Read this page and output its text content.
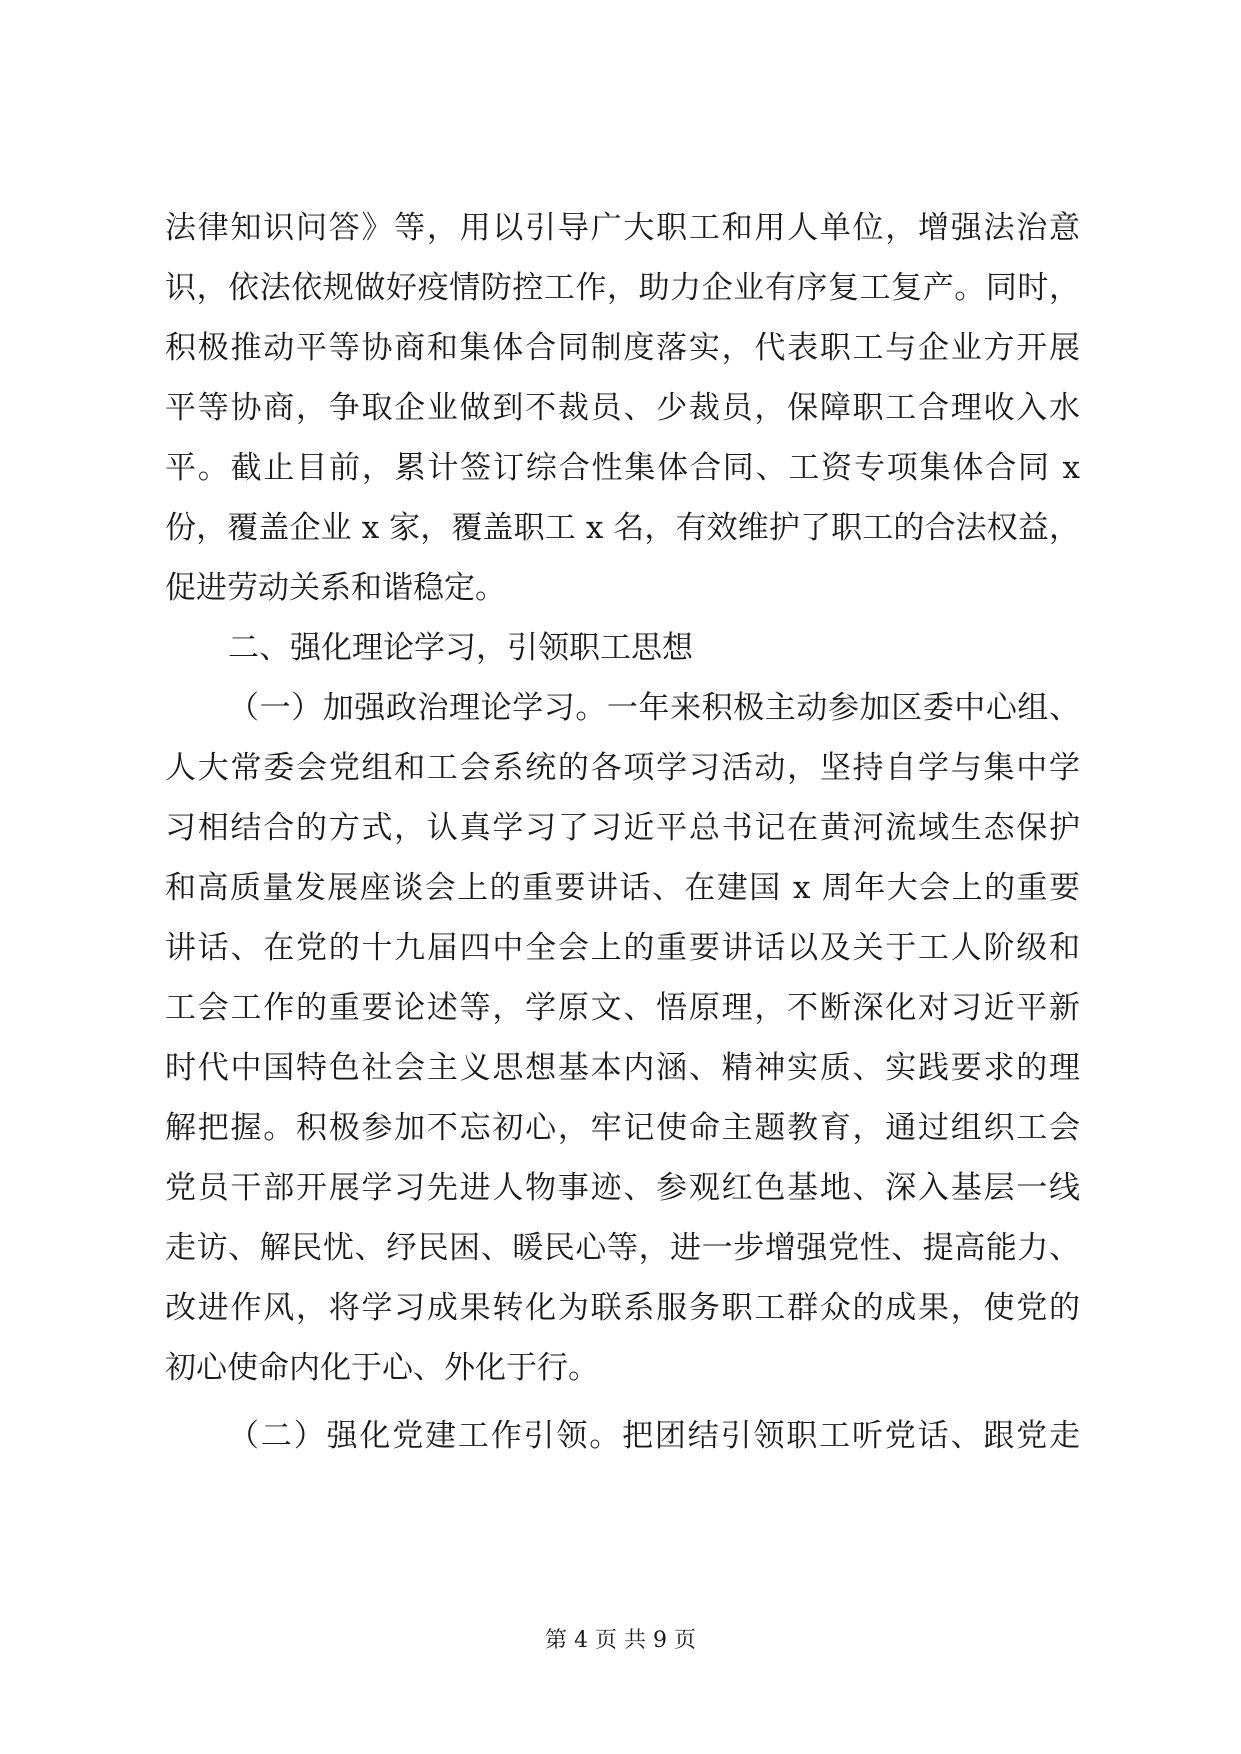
法律知识问答》等，用以引导广大职工和用人单位，增强法治意
识，依法依规做好疫情防控工作，助力企业有序复工复产。同时，
积极推动平等协商和集体合同制度落实，代表职工与企业方开展
平等协商，争取企业做到不裁员、少裁员，保障职工合理收入水
平。截止目前，累计签订综合性集体合同、工资专项集体合同 x
份，覆盖企业 x 家，覆盖职工 x 名，有效维护了职工的合法权益，
促进劳动关系和谐稳定。
二、强化理论学习，引领职工思想
（一）加强政治理论学习。一年来积极主动参加区委中心组、
人大常委会党组和工会系统的各项学习活动，坚持自学与集中学
习相结合的方式，认真学习了习近平总书记在黄河流域生态保护
和高质量发展座谈会上的重要讲话、在建国 x 周年大会上的重要
讲话、在党的十九届四中全会上的重要讲话以及关于工人阶级和
工会工作的重要论述等，学原文、悟原理，不断深化对习近平新
时代中国特色社会主义思想基本内涵、精神实质、实践要求的理
解把握。积极参加不忘初心，牢记使命主题教育，通过组织工会
党员干部开展学习先进人物事迹、参观红色基地、深入基层一线
走访、解民忧、纾民困、暖民心等，进一步增强党性、提高能力、
改进作风，将学习成果转化为联系服务职工群众的成果，使党的
初心使命内化于心、外化于行。
（二）强化党建工作引领。把团结引领职工听党话、跟党走
第 4 页 共 9 页
